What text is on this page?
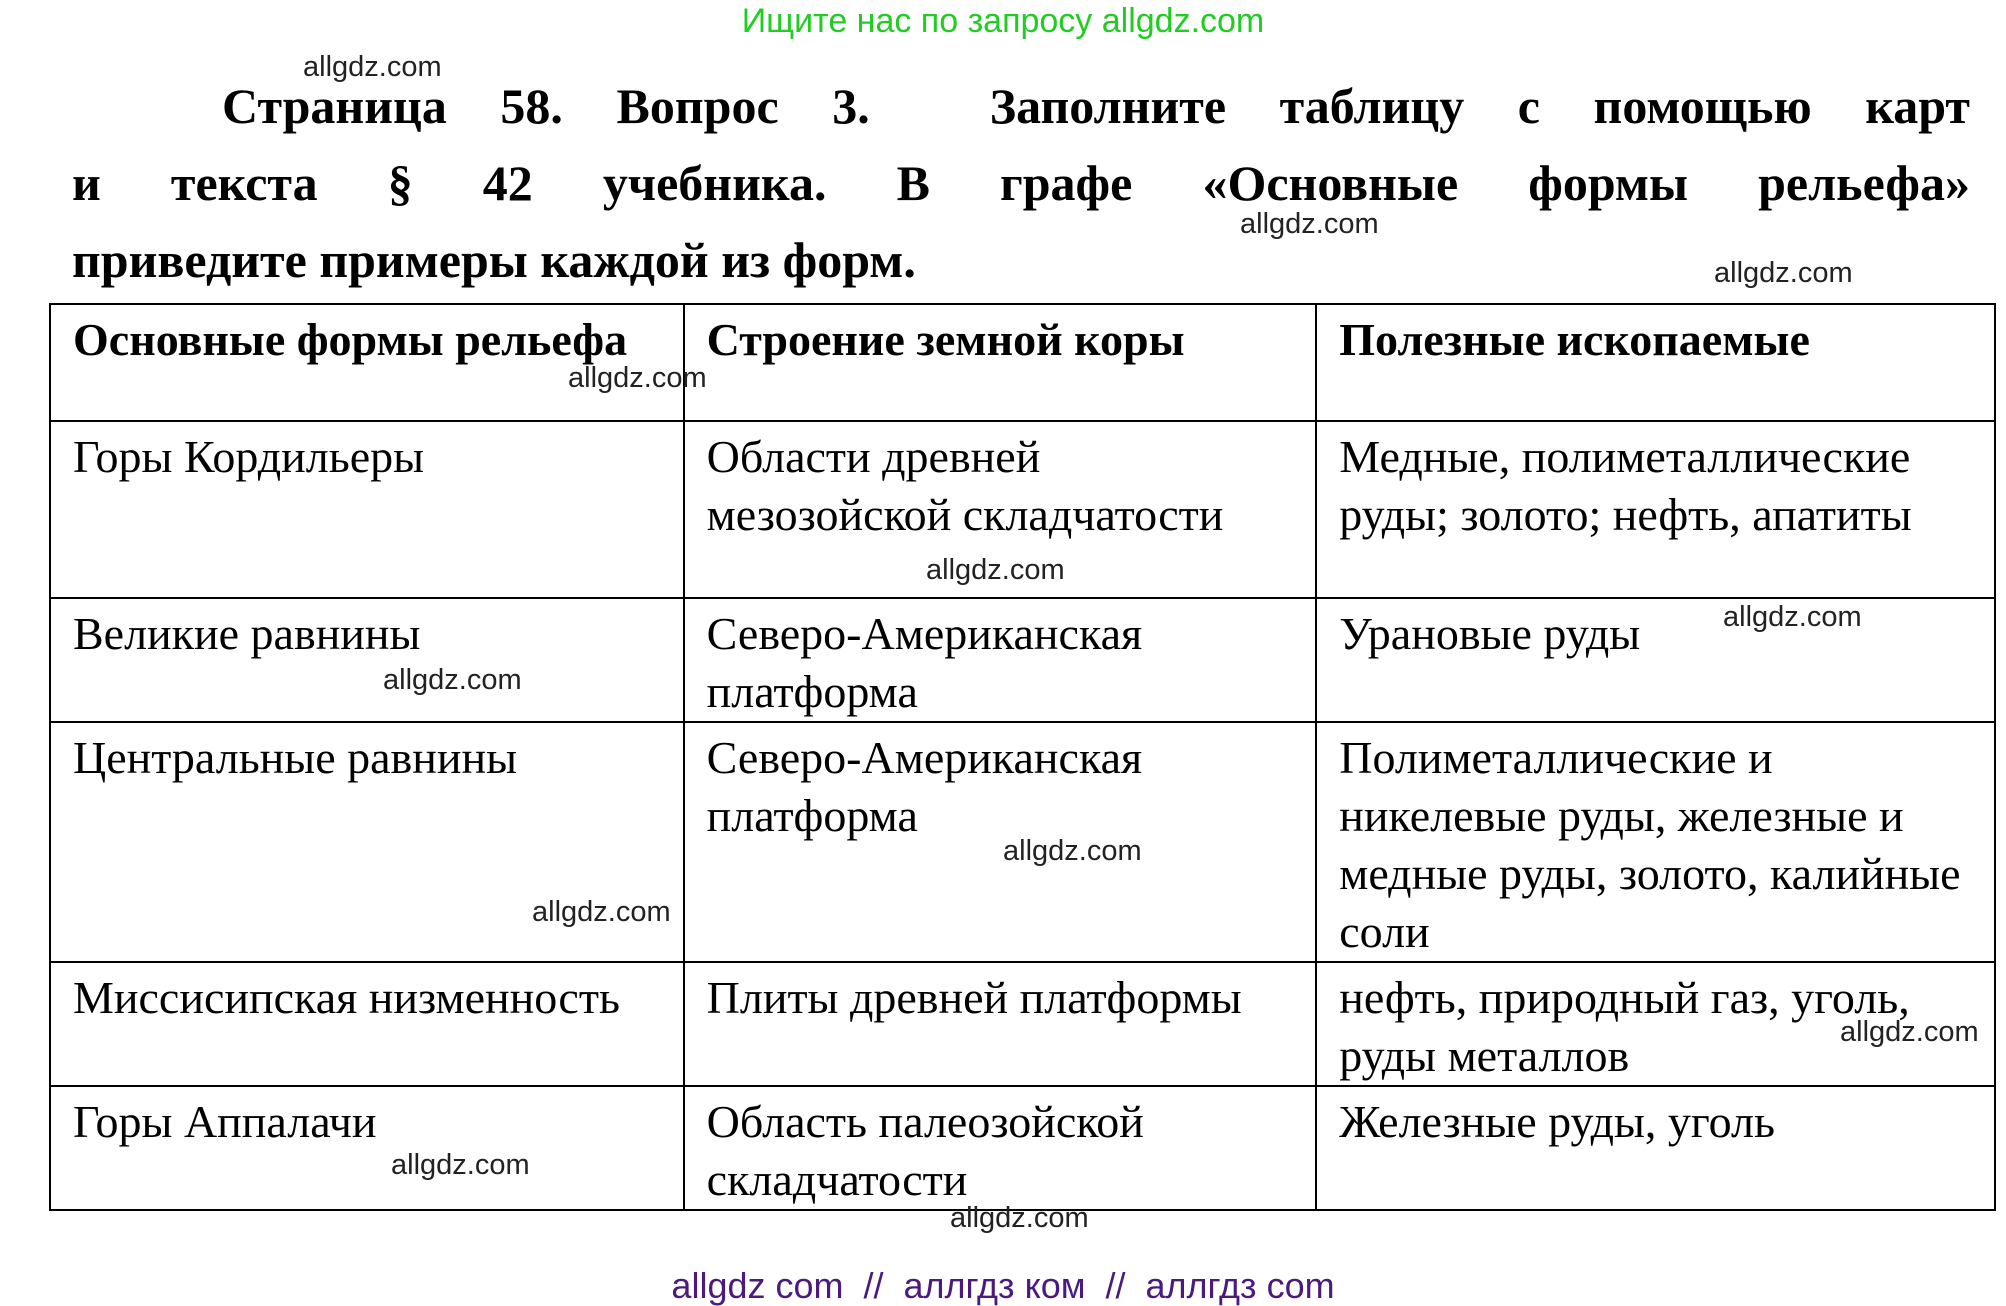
Ищите нас по запросу allgdz.com
allgdz.com
allgdz.com
allgdz.com
Страница 58. Вопрос 3. Заполните таблицу с помощью карт
и текста § 42 учебника. В графе «Основные формы рельефа»
приведите примеры каждой из форм.
Основные формы рельефа	Строение земной коры	Полезные ископаемые
Горы Кордильеры	Области древней мезозойской складчатости	Медные, полиметаллические руды; золото; нефть, апатиты
Великие равнины	Северо-Американская платформа	Урановые руды
Центральные равнины	Северо-Американская платформа	Полиметаллические и никелевые руды, железные и медные руды, золото, калийные соли
Миссисипская низменность	Плиты древней платформы	нефть, природный газ, уголь, руды металлов
Горы Аппалачи	Область палеозойской складчатости	Железные руды, уголь
allgdz.com
allgdz.com
allgdz.com
allgdz.com
allgdz.com
allgdz.com
allgdz.com
allgdz.com
allgdz.com
allgdz com  //  аллгдз ком  //  аллгдз com
